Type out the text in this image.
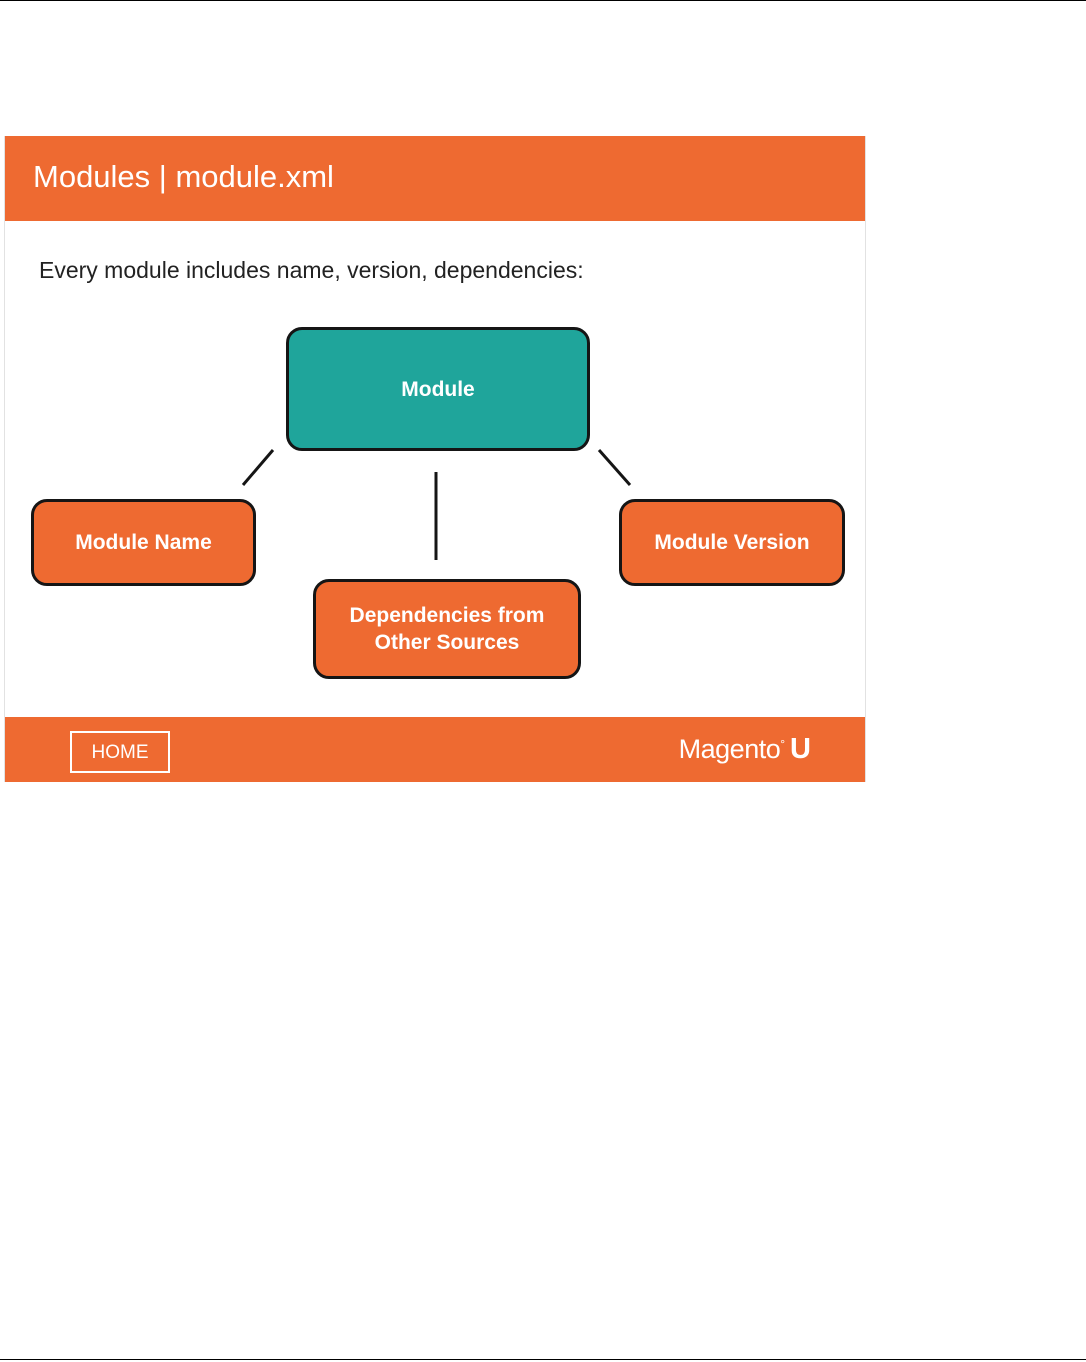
Modules | module.xml
Every module includes name, version, dependencies:
Module
Module Name
Dependencies from
Other Sources
Module Version
HOME	Magento° U
